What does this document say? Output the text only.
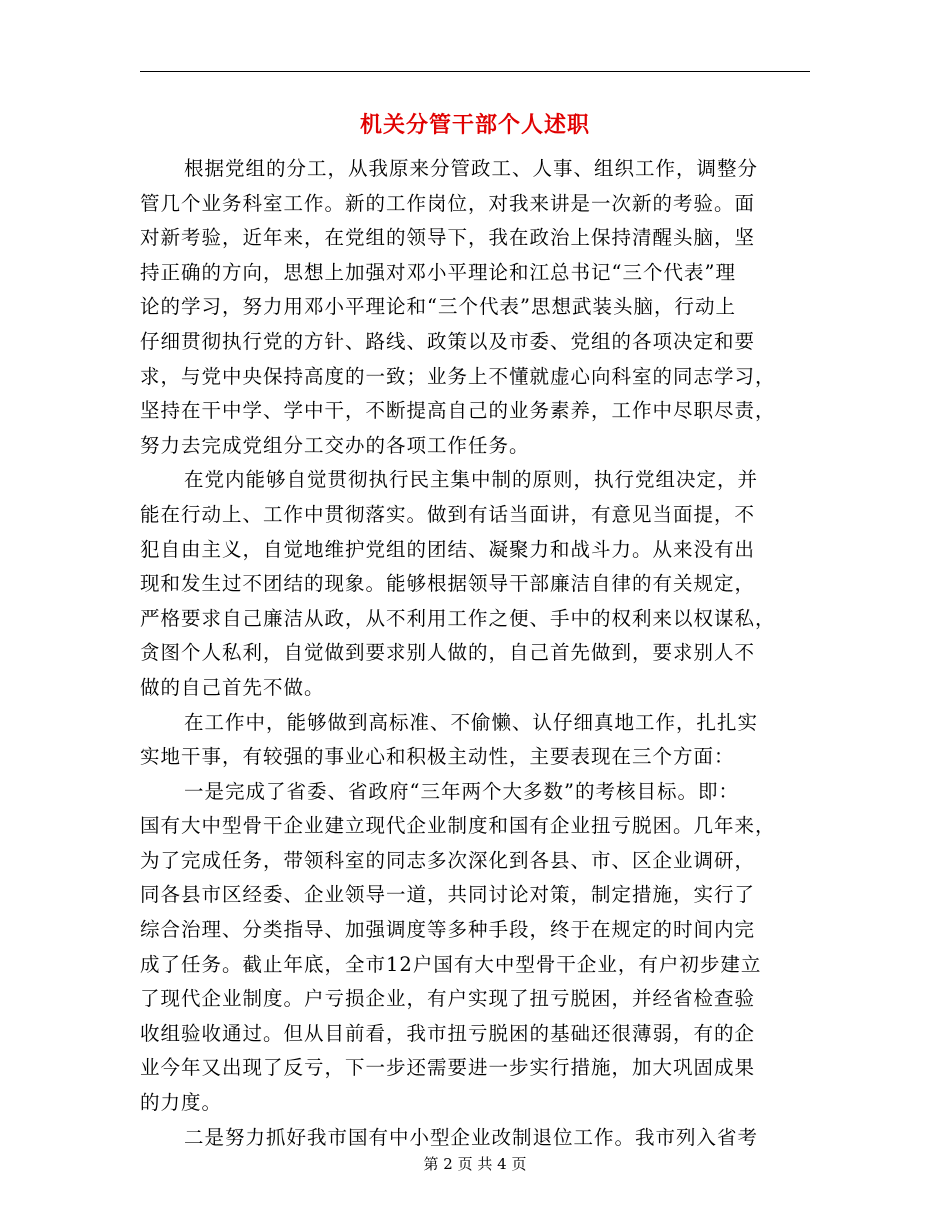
机关分管干部个人述职
根据党组的分工，从我原来分管政工、人事、组织工作，调整分
管几个业务科室工作。新的工作岗位，对我来讲是一次新的考验。面
对新考验，近年来，在党组的领导下，我在政治上保持清醒头脑，坚
持正确的方向，思想上加强对邓小平理论和江总书记“三个代表”理
论的学习，努力用邓小平理论和“三个代表”思想武装头脑，行动上
仔细贯彻执行党的方针、路线、政策以及市委、党组的各项决定和要
求，与党中央保持高度的一致；业务上不懂就虚心向科室的同志学习，
坚持在干中学、学中干，不断提高自己的业务素养，工作中尽职尽责，
努力去完成党组分工交办的各项工作任务。
在党内能够自觉贯彻执行民主集中制的原则，执行党组决定，并
能在行动上、工作中贯彻落实。做到有话当面讲，有意见当面提，不
犯自由主义，自觉地维护党组的团结、凝聚力和战斗力。从来没有出
现和发生过不团结的现象。能够根据领导干部廉洁自律的有关规定，
严格要求自己廉洁从政，从不利用工作之便、手中的权利来以权谋私，
贪图个人私利，自觉做到要求别人做的，自己首先做到，要求别人不
做的自己首先不做。
在工作中，能够做到高标准、不偷懒、认仔细真地工作，扎扎实
实地干事，有较强的事业心和积极主动性，主要表现在三个方面：
一是完成了省委、省政府“三年两个大多数”的考核目标。即：
国有大中型骨干企业建立现代企业制度和国有企业扭亏脱困。几年来，
为了完成任务，带领科室的同志多次深化到各县、市、区企业调研，
同各县市区经委、企业领导一道，共同讨论对策，制定措施，实行了
综合治理、分类指导、加强调度等多种手段，终于在规定的时间内完
成了任务。截止年底，全市12户国有大中型骨干企业，有户初步建立
了现代企业制度。户亏损企业，有户实现了扭亏脱困，并经省检查验
收组验收通过。但从目前看，我市扭亏脱困的基础还很薄弱，有的企
业今年又出现了反亏，下一步还需要进一步实行措施，加大巩固成果
的力度。
二是努力抓好我市国有中小型企业改制退位工作。我市列入省考
第 2 页 共 4 页
